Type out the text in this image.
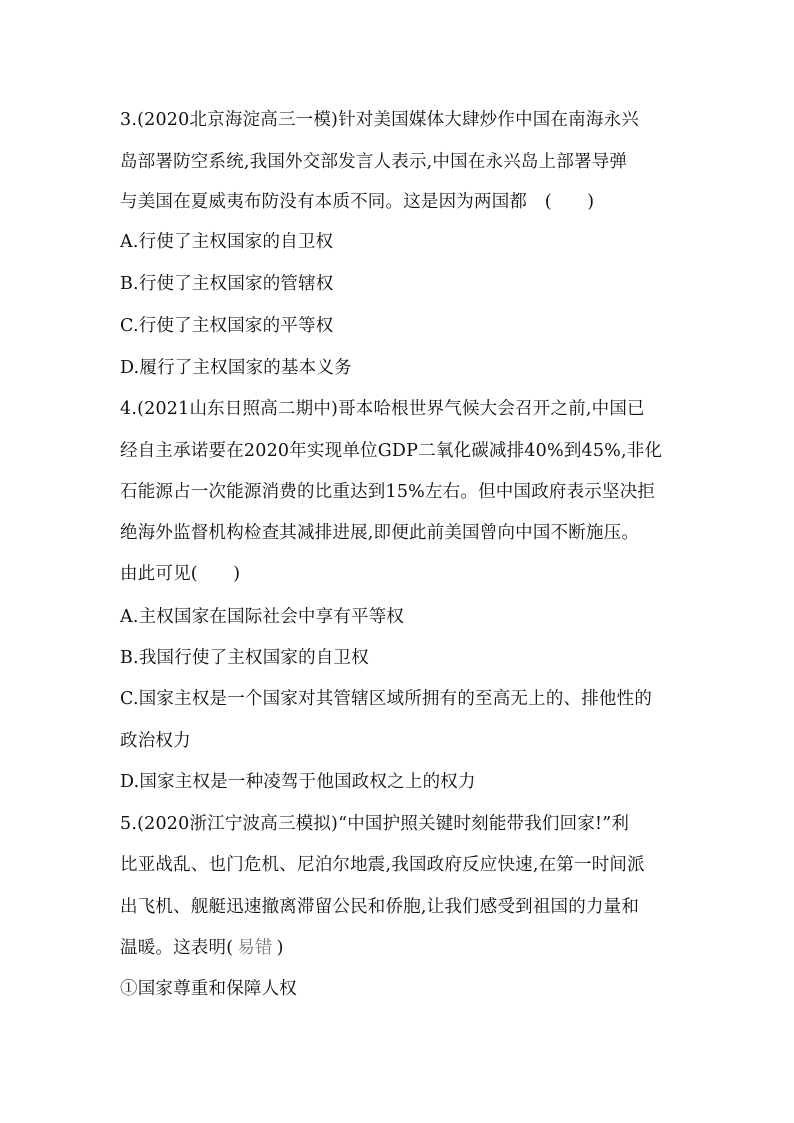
3.(2020北京海淀高三一模)针对美国媒体大肆炒作中国在南海永兴
岛部署防空系统,我国外交部发言人表示,中国在永兴岛上部署导弹
与美国在夏威夷布防没有本质不同。这是因为两国都　(　　)
A.行使了主权国家的自卫权
B.行使了主权国家的管辖权
C.行使了主权国家的平等权
D.履行了主权国家的基本义务
4.(2021山东日照高二期中)哥本哈根世界气候大会召开之前,中国已
经自主承诺要在2020年实现单位GDP二氧化碳减排40%到45%,非化
石能源占一次能源消费的比重达到15%左右。但中国政府表示坚决拒
绝海外监督机构检查其减排进展,即便此前美国曾向中国不断施压。
由此可见(　　)
A.主权国家在国际社会中享有平等权
B.我国行使了主权国家的自卫权
C.国家主权是一个国家对其管辖区域所拥有的至高无上的、排他性的
政治权力
D.国家主权是一种凌驾于他国政权之上的权力
5.(2020浙江宁波高三模拟)“中国护照关键时刻能带我们回家!”利
比亚战乱、也门危机、尼泊尔地震,我国政府反应快速,在第一时间派
出飞机、舰艇迅速撤离滞留公民和侨胞,让我们感受到祖国的力量和
温暖。这表明( 易错 )
①国家尊重和保障人权
